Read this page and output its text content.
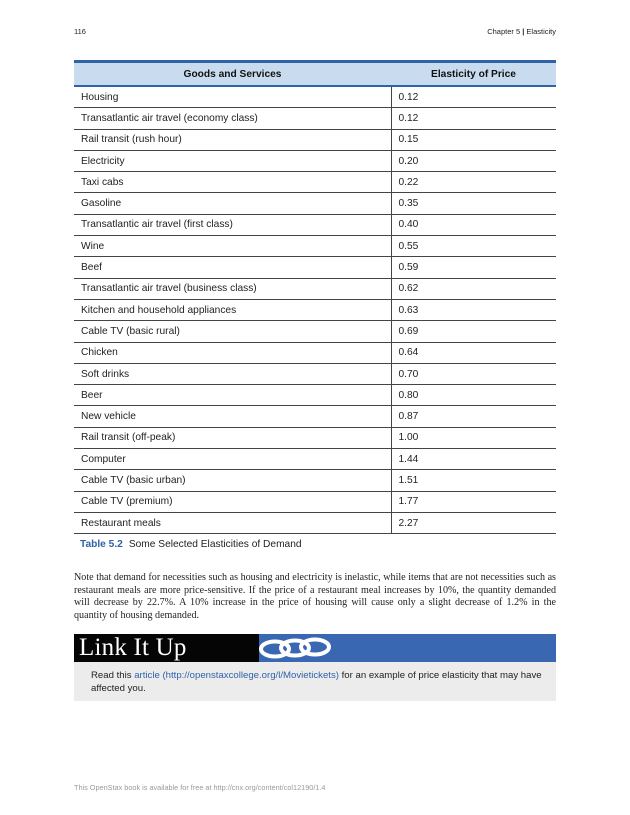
116	Chapter 5 | Elasticity
Goods and Services	Elasticity of Price
Housing	0.12
Transatlantic air travel (economy class)	0.12
Rail transit (rush hour)	0.15
Electricity	0.20
Taxi cabs	0.22
Gasoline	0.35
Transatlantic air travel (first class)	0.40
Wine	0.55
Beef	0.59
Transatlantic air travel (business class)	0.62
Kitchen and household appliances	0.63
Cable TV (basic rural)	0.69
Chicken	0.64
Soft drinks	0.70
Beer	0.80
New vehicle	0.87
Rail transit (off-peak)	1.00
Computer	1.44
Cable TV (basic urban)	1.51
Cable TV (premium)	1.77
Restaurant meals	2.27
Table 5.2 Some Selected Elasticities of Demand

Note that demand for necessities such as housing and electricity is inelastic, while items that are not necessities such as restaurant meals are more price-sensitive. If the price of a restaurant meal increases by 10%, the quantity demanded will decrease by 22.7%. A 10% increase in the price of housing will cause only a slight decrease of 1.2% in the quantity of housing demanded.

Link It Up

Read this article (http://openstaxcollege.org/l/Movietickets) for an example of price elasticity that may have affected you.

This OpenStax book is available for free at http://cnx.org/content/col12190/1.4
